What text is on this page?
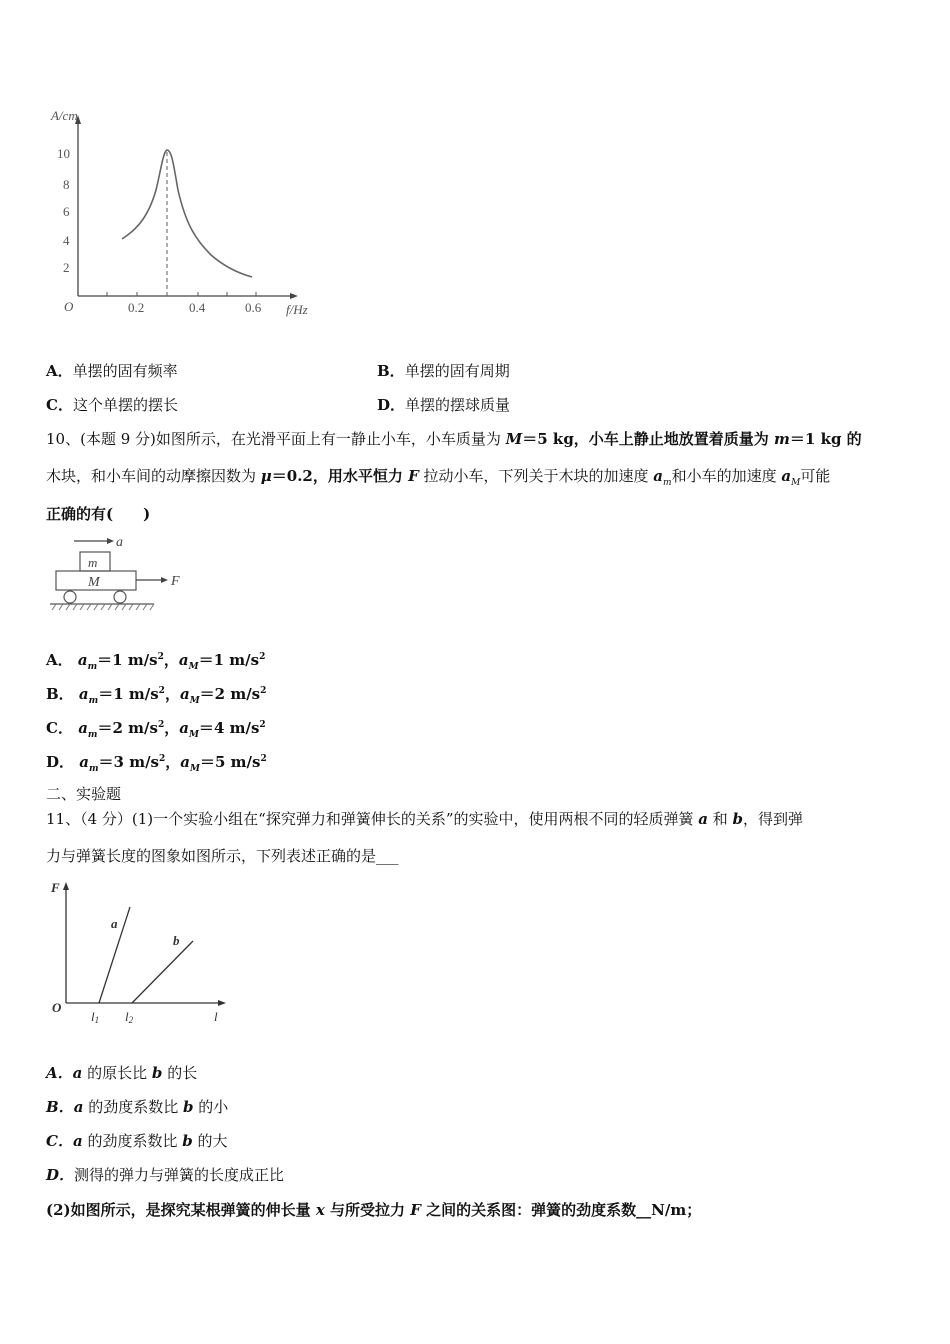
A/cm
10
8
6
4
2
O	0.2	0.4	0.6 f/Hz
A．单摆的固有频率	B．单摆的固有周期
C．这个单摆的摆长	D．单摆的摆球质量
10、(本题 9 分)如图所示，在光滑平面上有一静止小车，小车质量为 M＝5 kg，小车上静止地放置着质量为 m＝1 kg 的
木块，和小车间的动摩擦因数为 μ＝0.2，用水平恒力 F 拉动小车，下列关于木块的加速度 $a_m$和小车的加速度 $a_M$可能
正确的有(　　)
a
m
M	F
A． $a_m=1$ $m/s^2$，$a_M=1$ $m/s^2$
B． $a_m=1$ $m/s^2$，$a_M=2$ $m/s^2$
C． $a_m=2$ $m/s^2$，$a_M=4$ $m/s^2$
D． $a_m=3$ $m/s^2$，$a_M=5$ $m/s^2$
二、实验题
11、（4 分）(1)一个实验小组在“探究弹力和弹簧伸长的关系”的实验中，使用两根不同的轻质弹簧 a 和 b，得到弹
力与弹簧长度的图象如图所示，下列表述正确的是___
F
O
a
b
l1 l2	l
A．a 的原长比 b 的长
B．a 的劲度系数比 b 的小
C．a 的劲度系数比 b 的大
D．测得的弹力与弹簧的长度成正比
(2)如图所示，是探究某根弹簧的伸长量 x 与所受拉力 F 之间的关系图：弹簧的劲度系数__N/m；
